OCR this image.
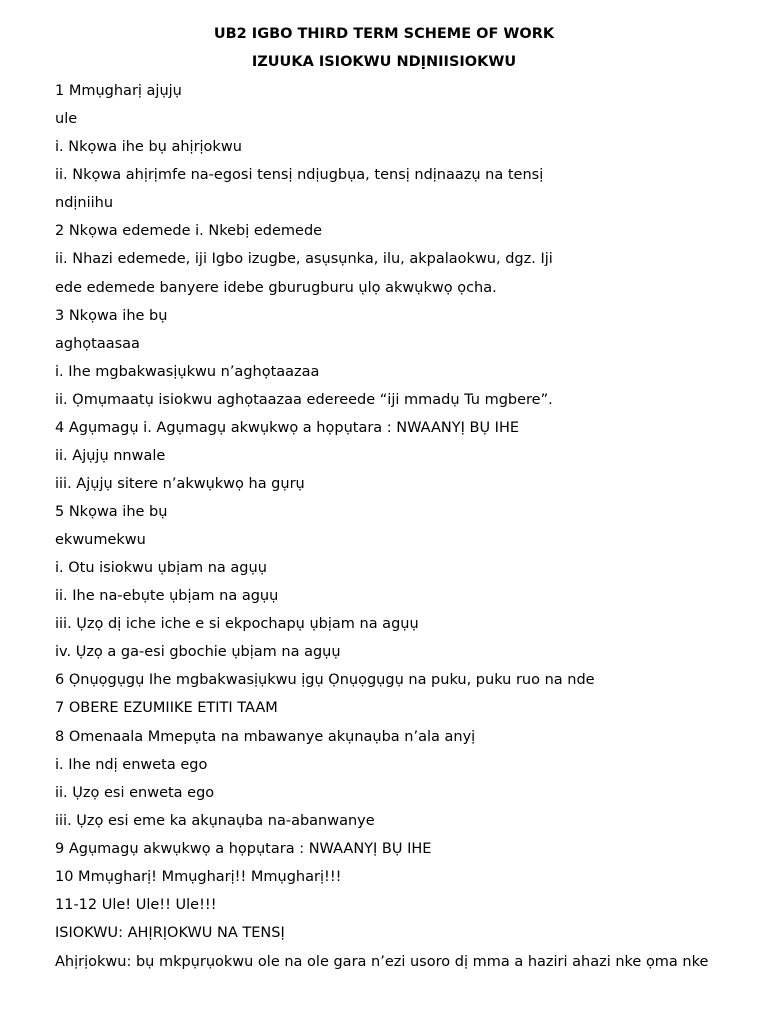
UB2 IGBO THIRD TERM SCHEME OF WORK
IZUUKA ISIOKWU NDỊNIISIOKWU
1 Mmụgharị ajụjụ
ule
i. Nkọwa ihe bụ ahịrịokwu
ii. Nkọwa ahịrịmfe na-egosi tensị ndịugbụa, tensị ndịnaazụ na tensị
ndịniihu
2 Nkọwa edemede i. Nkebị edemede
ii. Nhazi edemede, iji Igbo izugbe, asụsụnka, ilu, akpalaokwu, dgz. Iji
ede edemede banyere idebe gburugburu ụlọ akwụkwọ ọcha.
3 Nkọwa ihe bụ
aghọtaasaa
i. Ihe mgbakwasịụkwu n’aghọtaazaa
ii. Ọmụmaatụ isiokwu aghọtaazaa edereede “iji mmadụ Tu mgbere”.
4 Agụmagụ i. Agụmagụ akwụkwọ a họpụtara : NWAANYỊ BỤ IHE
ii. Ajụjụ nnwale
iii. Ajụjụ sitere n’akwụkwọ ha gụrụ
5 Nkọwa ihe bụ
ekwumekwu
i. Otu isiokwu ụbịam na agụụ
ii. Ihe na-ebụte ụbịam na agụụ
iii. Ụzọ dị iche iche e si ekpochapụ ụbịam na agụụ
iv. Ụzọ a ga-esi gbochie ụbịam na agụụ
6 Ọnụọgụgụ Ihe mgbakwasịụkwu ịgụ Ọnụọgụgụ na puku, puku ruo na nde
7 OBERE EZUMIIKE ETITI TAAM
8 Omenaala Mmepụta na mbawanye akụnaụba n’ala anyị
i. Ihe ndị enweta ego
ii. Ụzọ esi enweta ego
iii. Ụzọ esi eme ka akụnaụba na-abanwanye
9 Agụmagụ akwụkwọ a họpụtara : NWAANYỊ BỤ IHE
10 Mmụgharị! Mmụgharị!! Mmụgharị!!!
11-12 Ule! Ule!! Ule!!!
ISIOKWU: AHỊRỊOKWU NA TENSỊ
Ahịrịokwu: bụ mkpụrụokwu ole na ole gara n’ezi usoro dị mma a haziri ahazi nke ọma nke
